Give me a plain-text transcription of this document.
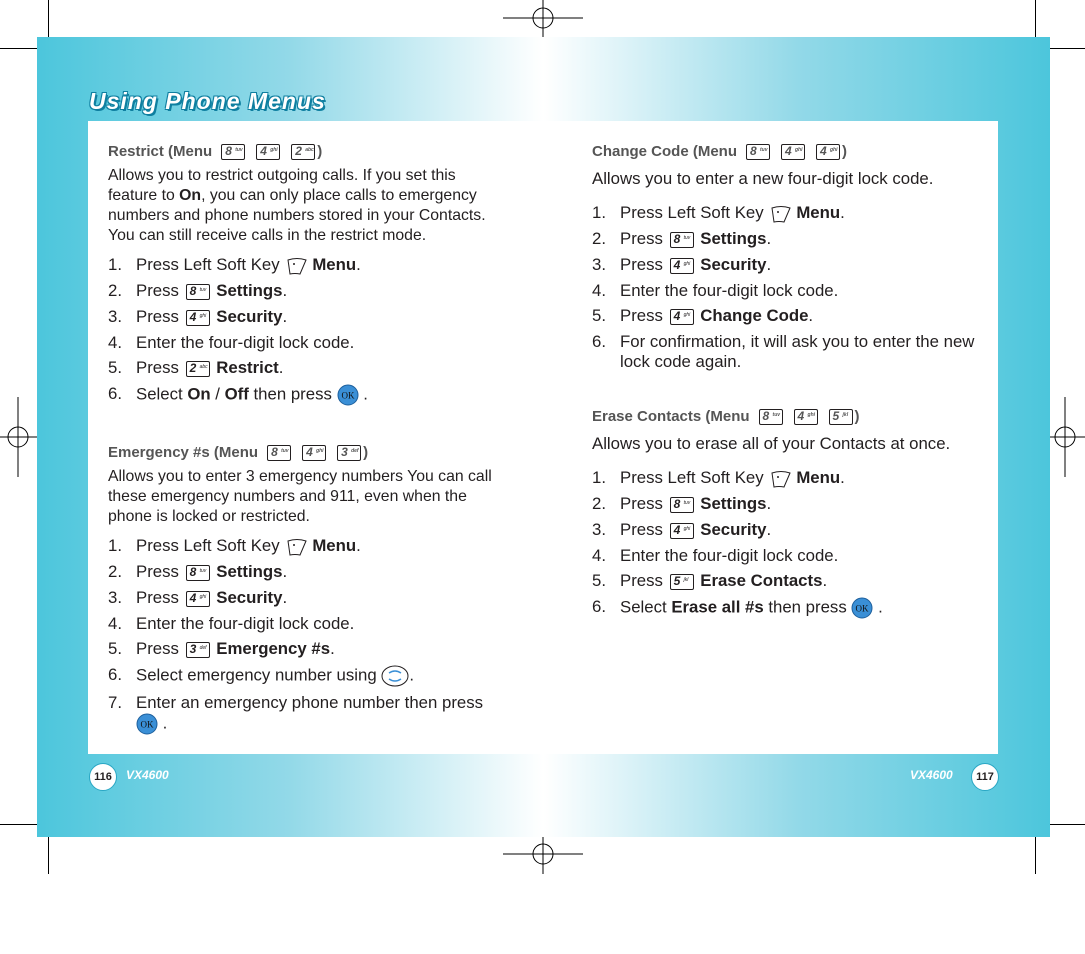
Using Phone Menus
Restrict (Menu 8 tuv 4 ghi 2 abc )

Allows you to restrict outgoing calls. If you set this feature to On, you can only place calls to emergency numbers and phone numbers stored in your Contacts. You can still receive calls in the restrict mode.

1. Press Left Soft Key Menu.
2. Press 8 tuv Settings.
3. Press 4 ghi Security.
4. Enter the four-digit lock code.
5. Press 2 abc Restrict.
6. Select On / Off then press OK .
Emergency #s (Menu 8 tuv 4 ghi 3 def )

Allows you to enter 3 emergency numbers You can call these emergency numbers and 911, even when the phone is locked or restricted.

1. Press Left Soft Key Menu.
2. Press 8 tuv Settings.
3. Press 4 ghi Security.
4. Enter the four-digit lock code.
5. Press 3 def Emergency #s.
6. Select emergency number using .
7. Enter an emergency phone number then press
OK .
Change Code (Menu 8 tuv 4 ghi 4 ghi )

Allows you to enter a new four-digit lock code.

1. Press Left Soft Key Menu.
2. Press 8 tuv Settings.
3. Press 4 ghi Security.
4. Enter the four-digit lock code.
5. Press 4 ghi Change Code.
6. For confirmation, it will ask you to enter the new lock code again.
Erase Contacts (Menu 8 tuv 4 ghi 5 jkl )

Allows you to erase all of your Contacts at once.

1. Press Left Soft Key Menu.
2. Press 8 tuv Settings.
3. Press 4 ghi Security.
4. Enter the four-digit lock code.
5. Press 5 jkl Erase Contacts.
6. Select Erase all #s then press OK .
116	VX4600	VX4600	117
